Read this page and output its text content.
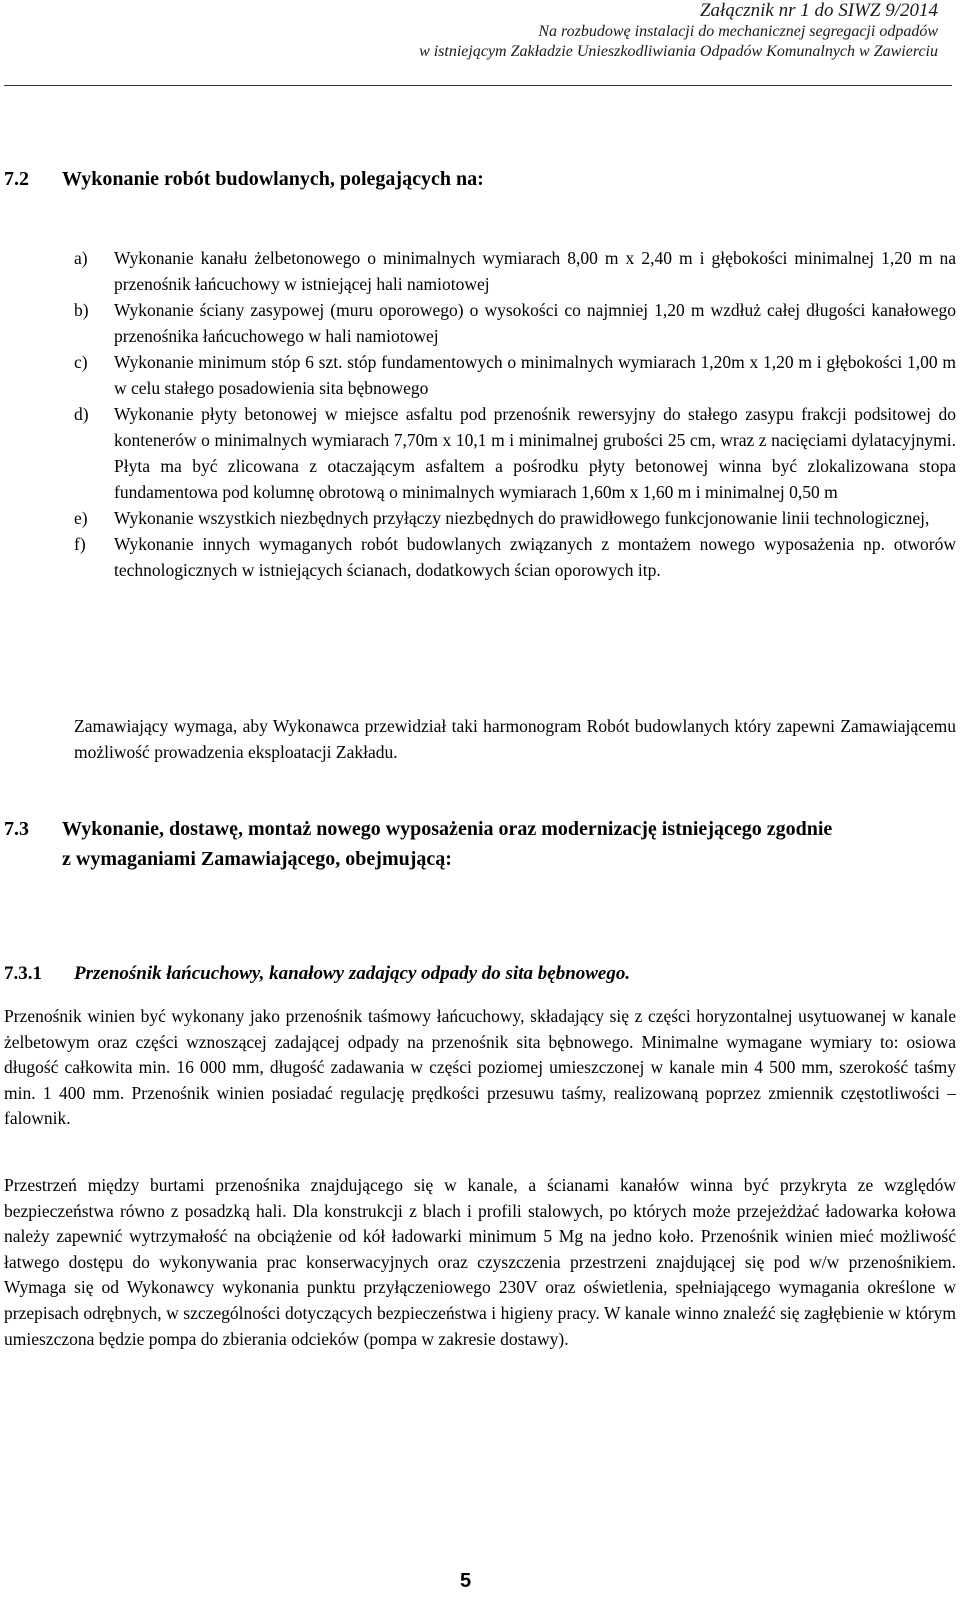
Załącznik nr 1 do SIWZ 9/2014
Na rozbudowę instalacji do mechanicznej segregacji odpadów
w istniejącym Zakładzie Unieszkodliwiania Odpadów Komunalnych w Zawierciu
7.2 Wykonanie robót budowlanych, polegających na:
a)	Wykonanie kanału żelbetonowego o minimalnych wymiarach 8,00 m x 2,40 m i głębokości minimalnej 1,20 m na przenośnik łańcuchowy w istniejącej hali namiotowej
b)	Wykonanie ściany zasypowej (muru oporowego) o wysokości co najmniej 1,20 m wzdłuż całej długości kanałowego przenośnika łańcuchowego w hali namiotowej
c)	Wykonanie minimum stóp 6 szt. stóp fundamentowych o minimalnych wymiarach 1,20m x 1,20 m i głębokości 1,00 m w celu stałego posadowienia sita bębnowego
d)	Wykonanie płyty betonowej w miejsce asfaltu pod przenośnik rewersyjny do stałego zasypu frakcji podsitowej do kontenerów o minimalnych wymiarach 7,70m x 10,1 m i minimalnej grubości 25 cm, wraz z nacięciami dylatacyjnymi. Płyta ma być zlicowana z otaczającym asfaltem a pośrodku płyty betonowej winna być zlokalizowana stopa fundamentowa pod kolumnę obrotową o minimalnych wymiarach 1,60m x 1,60 m i minimalnej 0,50 m
e)	Wykonanie wszystkich niezbędnych przyłączy niezbędnych do prawidłowego funkcjonowanie linii technologicznej,
f)	Wykonanie innych wymaganych robót budowlanych związanych z montażem nowego wyposażenia np. otworów technologicznych w istniejących ścianach, dodatkowych ścian oporowych itp.

Zamawiający wymaga, aby Wykonawca przewidział taki harmonogram Robót budowlanych który zapewni Zamawiającemu możliwość prowadzenia eksploatacji Zakładu.

7.3 Wykonanie, dostawę, montaż nowego wyposażenia oraz modernizację istniejącego zgodnie
z wymaganiami Zamawiającego, obejmującą:
7.3.1 Przenośnik łańcuchowy, kanałowy zadający odpady do sita bębnowego.

Przenośnik winien być wykonany jako przenośnik taśmowy łańcuchowy, składający się z części horyzontalnej usytuowanej w kanale żelbetowym oraz części wznoszącej zadającej odpady na przenośnik sita bębnowego. Minimalne wymagane wymiary to: osiowa długość całkowita min. 16 000 mm, długość zadawania w części poziomej umieszczonej w kanale min 4 500 mm, szerokość taśmy min. 1 400 mm. Przenośnik winien posiadać regulację prędkości przesuwu taśmy, realizowaną poprzez zmiennik częstotliwości – falownik.

Przestrzeń między burtami przenośnika znajdującego się w kanale, a ścianami kanałów winna być przykryta ze względów bezpieczeństwa równo z posadzką hali. Dla konstrukcji z blach i profili stalowych, po których może przejeżdżać ładowarka kołowa należy zapewnić wytrzymałość na obciążenie od kół ładowarki minimum 5 Mg na jedno koło. Przenośnik winien mieć możliwość łatwego dostępu do wykonywania prac konserwacyjnych oraz czyszczenia przestrzeni znajdującej się pod w/w przenośnikiem. Wymaga się od Wykonawcy wykonania punktu przyłączeniowego 230V oraz oświetlenia, spełniającego wymagania określone w przepisach odrębnych, w szczególności dotyczących bezpieczeństwa i higieny pracy. W kanale winno znaleźć się zagłębienie w którym umieszczona będzie pompa do zbierania odcieków (pompa w zakresie dostawy).

5
